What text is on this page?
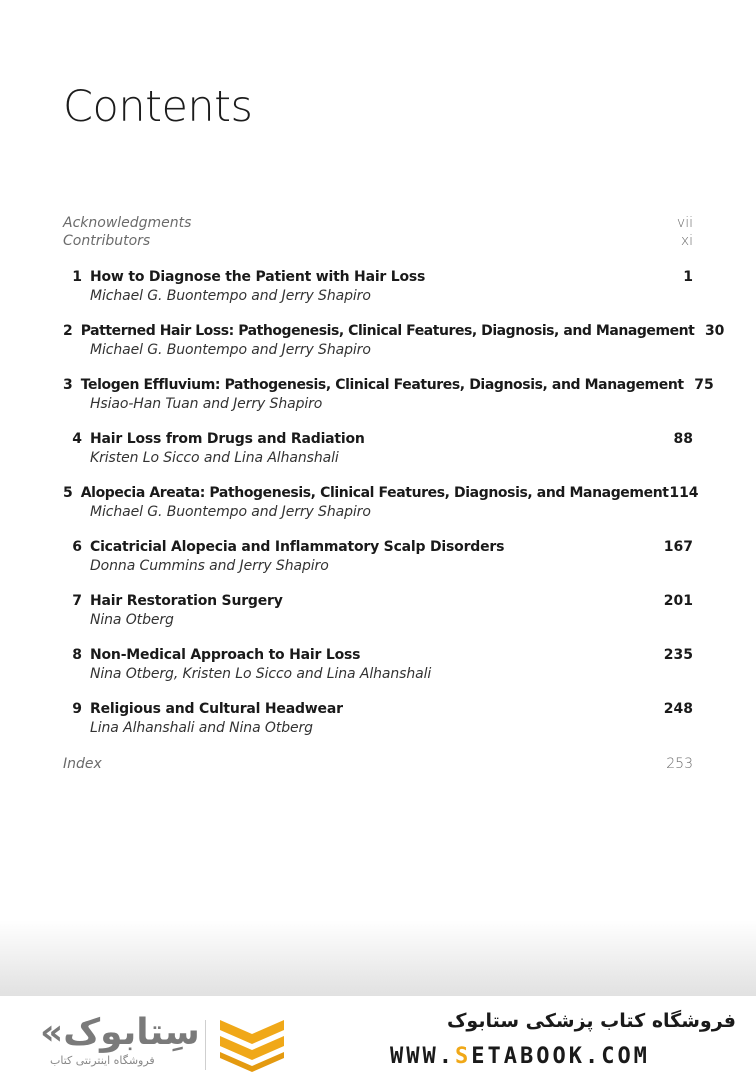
Contents
Acknowledgments	vii
Contributors	xi
1 How to Diagnose the Patient with Hair Loss	1
Michael G. Buontempo and Jerry Shapiro
2 Patterned Hair Loss: Pathogenesis, Clinical Features, Diagnosis, and Management 30
Michael G. Buontempo and Jerry Shapiro
3 Telogen Effluvium: Pathogenesis, Clinical Features, Diagnosis, and Management 75
Hsiao-Han Tuan and Jerry Shapiro
4 Hair Loss from Drugs and Radiation	88
Kristen Lo Sicco and Lina Alhanshali
5 Alopecia Areata: Pathogenesis, Clinical Features, Diagnosis, and Management 114
Michael G. Buontempo and Jerry Shapiro
6 Cicatricial Alopecia and Inflammatory Scalp Disorders	167
Donna Cummins and Jerry Shapiro
7 Hair Restoration Surgery	201
Nina Otberg
8 Non-Medical Approach to Hair Loss	235
Nina Otberg, Kristen Lo Sicco and Lina Alhanshali
9 Religious and Cultural Headwear	248
Lina Alhanshali and Nina Otberg
Index	253
«سِتابوک
فروشگاه اینترنتی کتاب
فروشگاه کتاب پزشکی ستابوک
WWW.SETABOOK.COM
